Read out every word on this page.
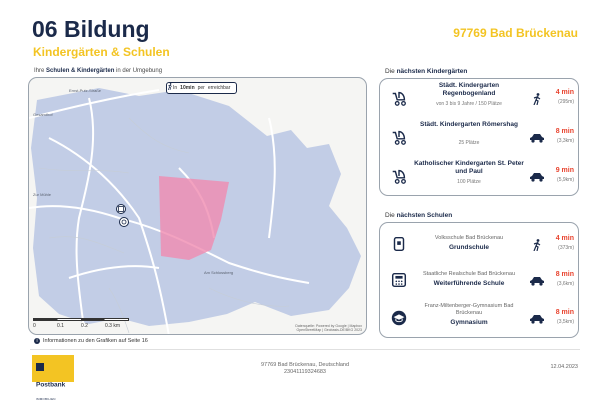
06 Bildung
Kindergärten & Schulen
97769 Bad Brückenau
Ihre Schulen & Kindergärten in der Umgebung
Ernst-Putz-Straße
Gesamthof
Am Schlossberg
Zur Mühle
In 10min per erreichbar
0	0.1	0.2	0.3 km	Datenquelle: Powered by Google | Mapbox OpenStreetMap | Geobasis-DE/BKG 2023
i Informationen zu den Grafiken auf Seite 16
Die nächsten Kindergärten
Städt. Kindergarten Regenbogenland
von 3 bis 9 Jahre / 150 Plätze
4 min
(295m)
Städt. Kindergarten Römershag
25 Plätze
8 min
(3,3km)
Katholischer Kindergarten St. Peter und Paul
100 Plätze
9 min
(5,9km)
Die nächsten Schulen
Volksschule Bad Brückenau
Grundschule
4 min
(373m)
Staatliche Realschule Bad Brückenau
Weiterführende Schule
8 min
(3,6km)
Franz-Miltenberger-Gymnasium Bad Brückenau
Gymnasium
8 min
(3,5km)
Postbank
IMMOBILIEN
97769 Bad Brückenau, Deutschland
23041119324683
12.04.2023
